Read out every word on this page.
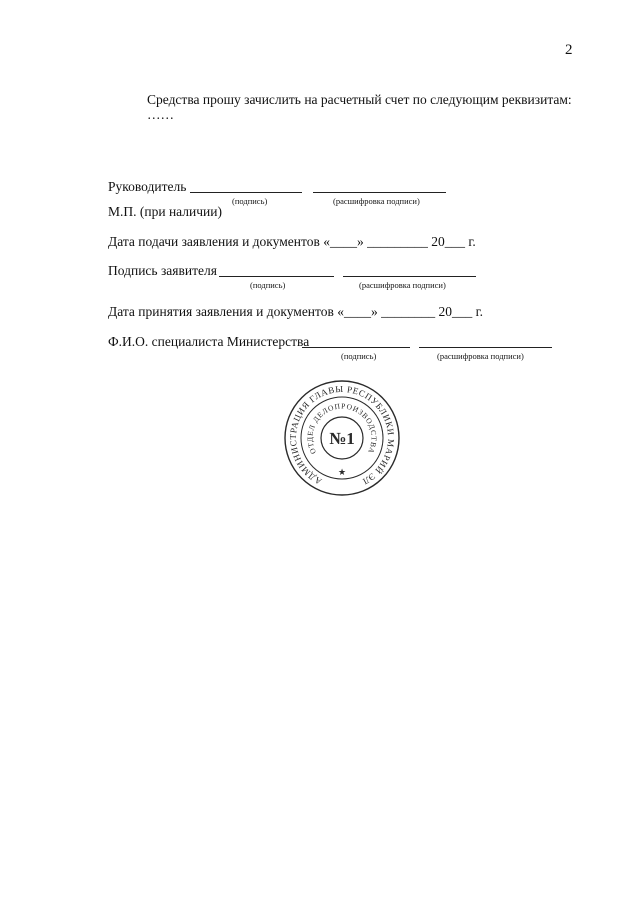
2
Средства прошу зачислить на расчетный счет по следующим реквизитам:
……
Руководитель
(подпись)	(расшифровка подписи)
М.П. (при наличии)
Дата подачи заявления и документов «____» _________ 20___ г.
Подпись заявителя
(подпись)	(расшифровка подписи)
Дата принятия заявления и документов «____» ________ 20___ г.
Ф.И.О. специалиста Министерства
(подпись)	(расшифровка подписи)
АДМИНИСТРАЦИЯ ГЛАВЫ РЕСПУБЛИКИ МАРИЙ ЭЛ
ОТДЕЛ ДЕЛОПРОИЗВОДСТВА
№1
★
